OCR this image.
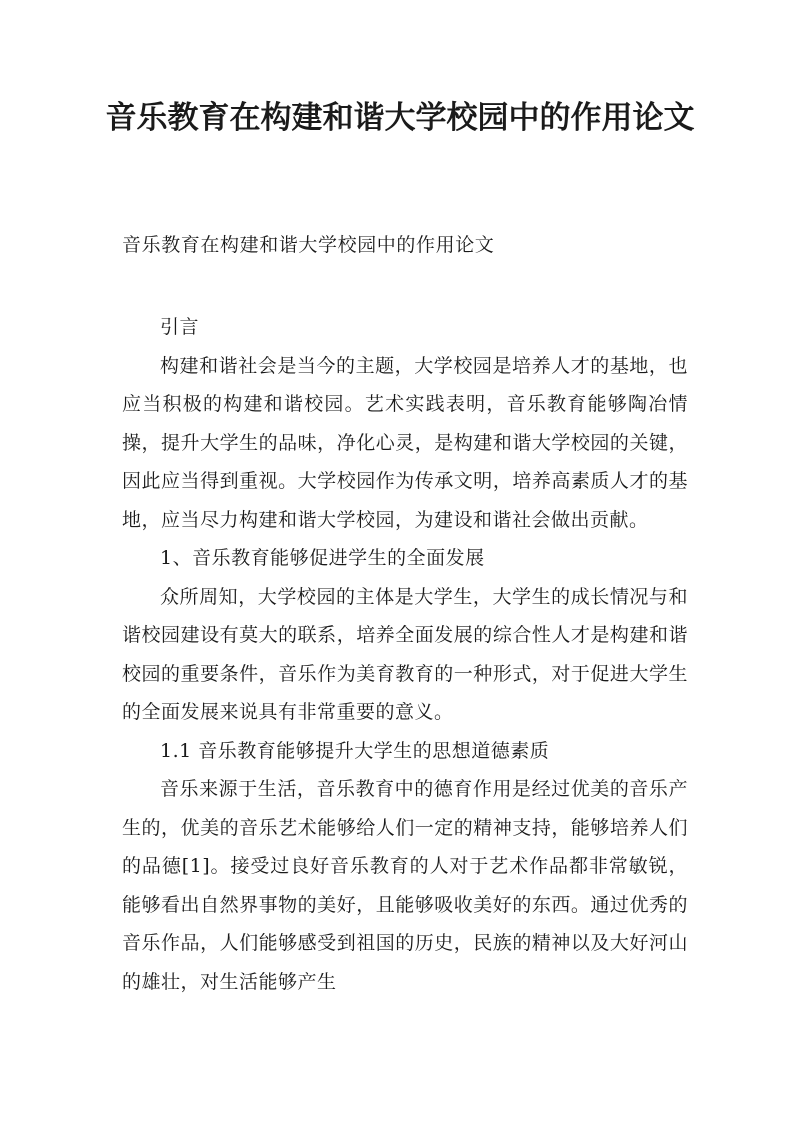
音乐教育在构建和谐大学校园中的作用论文

音乐教育在构建和谐大学校园中的作用论文

引言

构建和谐社会是当今的主题，大学校园是培养人才的基地，也应当积极的构建和谐校园。艺术实践表明，音乐教育能够陶冶情操，提升大学生的品味，净化心灵，是构建和谐大学校园的关键，因此应当得到重视。大学校园作为传承文明，培养高素质人才的基地，应当尽力构建和谐大学校园，为建设和谐社会做出贡献。

1、音乐教育能够促进学生的全面发展

众所周知，大学校园的主体是大学生，大学生的成长情况与和谐校园建设有莫大的联系，培养全面发展的综合性人才是构建和谐校园的重要条件，音乐作为美育教育的一种形式，对于促进大学生的全面发展来说具有非常重要的意义。

1.1 音乐教育能够提升大学生的思想道德素质

音乐来源于生活，音乐教育中的德育作用是经过优美的音乐产生的，优美的音乐艺术能够给人们一定的精神支持，能够培养人们的品德[1]。接受过良好音乐教育的人对于艺术作品都非常敏锐，能够看出自然界事物的美好，且能够吸收美好的东西。通过优秀的音乐作品，人们能够感受到祖国的历史，民族的精神以及大好河山的雄壮，对生活能够产生
